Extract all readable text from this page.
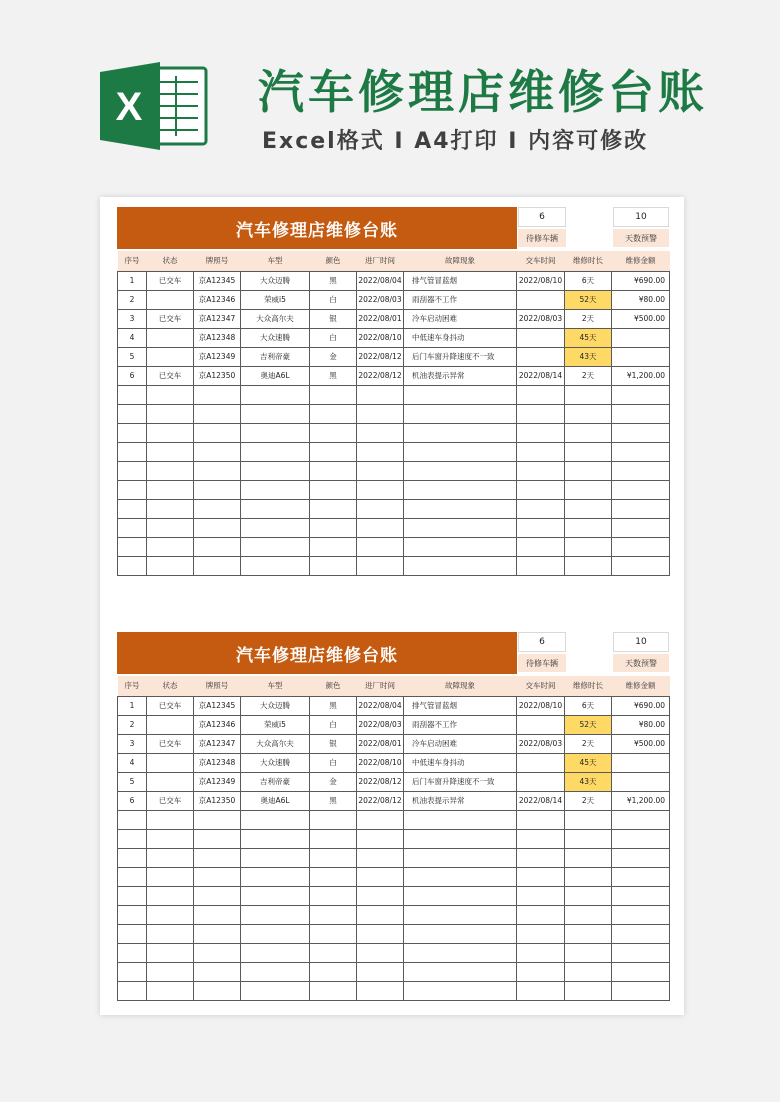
X	汽车修理店维修台账
Excel格式 I A4打印 I 内容可修改
汽车修理店维修台账
6
待修车辆
10
天数预警
序号	状态	牌照号	车型	颜色	进厂时间	故障现象	交车时间	维修时长	维修金额
1	已交车	京A12345	大众迈腾	黑	2022/08/04	排气管冒蓝烟	2022/08/10	6天	¥690.00
2		京A12346	荣威i5	白	2022/08/03	雨刮器不工作		52天	¥80.00
3	已交车	京A12347	大众高尔夫	银	2022/08/01	冷车启动困难	2022/08/03	2天	¥500.00
4		京A12348	大众速腾	白	2022/08/10	中低速车身抖动		45天	
5		京A12349	吉利帝豪	金	2022/08/12	后门车窗升降速度不一致		43天	
6	已交车	京A12350	奥迪A6L	黑	2022/08/12	机油表提示异常	2022/08/14	2天	¥1,200.00

汽车修理店维修台账
6
待修车辆
10
天数预警
序号	状态	牌照号	车型	颜色	进厂时间	故障现象	交车时间	维修时长	维修金额
1	已交车	京A12345	大众迈腾	黑	2022/08/04	排气管冒蓝烟	2022/08/10	6天	¥690.00
2		京A12346	荣威i5	白	2022/08/03	雨刮器不工作		52天	¥80.00
3	已交车	京A12347	大众高尔夫	银	2022/08/01	冷车启动困难	2022/08/03	2天	¥500.00
4		京A12348	大众速腾	白	2022/08/10	中低速车身抖动		45天	
5		京A12349	吉利帝豪	金	2022/08/12	后门车窗升降速度不一致		43天	
6	已交车	京A12350	奥迪A6L	黑	2022/08/12	机油表提示异常	2022/08/14	2天	¥1,200.00
